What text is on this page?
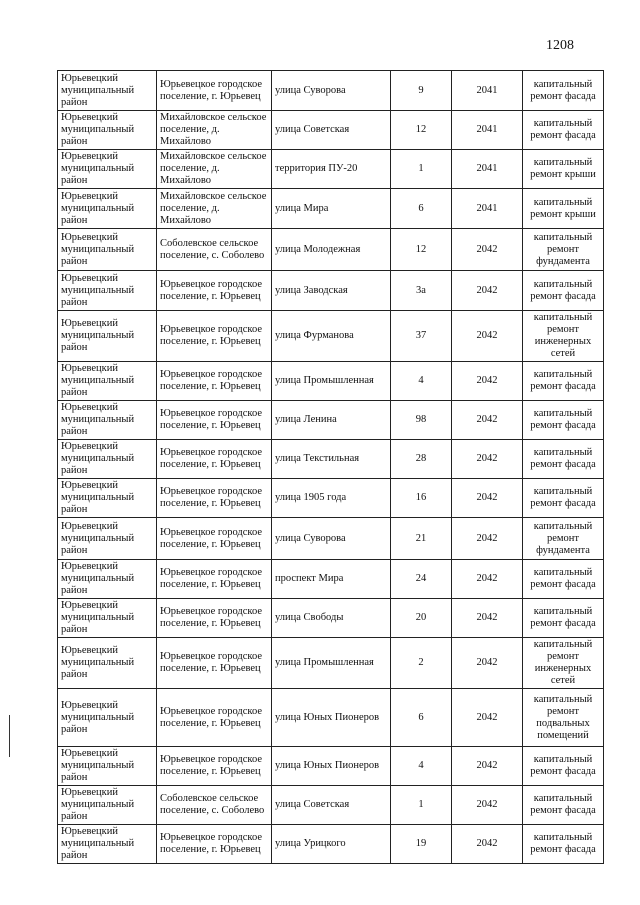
1208
Юрьевецкий муниципальный район	Юрьевецкое городское поселение, г. Юрьевец	улица Суворова	9	2041	капитальный ремонт фасада
Юрьевецкий муниципальный район	Михайловское сельское поселение, д. Михайлово	улица Советская	12	2041	капитальный ремонт фасада
Юрьевецкий муниципальный район	Михайловское сельское поселение, д. Михайлово	территория ПУ-20	1	2041	капитальный ремонт крыши
Юрьевецкий муниципальный район	Михайловское сельское поселение, д. Михайлово	улица Мира	6	2041	капитальный ремонт крыши
Юрьевецкий муниципальный район	Соболевское сельское поселение, с. Соболево	улица Молодежная	12	2042	капитальный ремонт фундамента
Юрьевецкий муниципальный район	Юрьевецкое городское поселение, г. Юрьевец	улица Заводская	3а	2042	капитальный ремонт фасада
Юрьевецкий муниципальный район	Юрьевецкое городское поселение, г. Юрьевец	улица Фурманова	37	2042	капитальный ремонт инженерных сетей
Юрьевецкий муниципальный район	Юрьевецкое городское поселение, г. Юрьевец	улица Промышленная	4	2042	капитальный ремонт фасада
Юрьевецкий муниципальный район	Юрьевецкое городское поселение, г. Юрьевец	улица Ленина	98	2042	капитальный ремонт фасада
Юрьевецкий муниципальный район	Юрьевецкое городское поселение, г. Юрьевец	улица Текстильная	28	2042	капитальный ремонт фасада
Юрьевецкий муниципальный район	Юрьевецкое городское поселение, г. Юрьевец	улица 1905 года	16	2042	капитальный ремонт фасада
Юрьевецкий муниципальный район	Юрьевецкое городское поселение, г. Юрьевец	улица Суворова	21	2042	капитальный ремонт фундамента
Юрьевецкий муниципальный район	Юрьевецкое городское поселение, г. Юрьевец	проспект Мира	24	2042	капитальный ремонт фасада
Юрьевецкий муниципальный район	Юрьевецкое городское поселение, г. Юрьевец	улица Свободы	20	2042	капитальный ремонт фасада
Юрьевецкий муниципальный район	Юрьевецкое городское поселение, г. Юрьевец	улица Промышленная	2	2042	капитальный ремонт инженерных сетей
Юрьевецкий муниципальный район	Юрьевецкое городское поселение, г. Юрьевец	улица Юных Пионеров	6	2042	капитальный ремонт подвальных помещений
Юрьевецкий муниципальный район	Юрьевецкое городское поселение, г. Юрьевец	улица Юных Пионеров	4	2042	капитальный ремонт фасада
Юрьевецкий муниципальный район	Соболевское сельское поселение, с. Соболево	улица Советская	1	2042	капитальный ремонт фасада
Юрьевецкий муниципальный район	Юрьевецкое городское поселение, г. Юрьевец	улица Урицкого	19	2042	капитальный ремонт фасада
